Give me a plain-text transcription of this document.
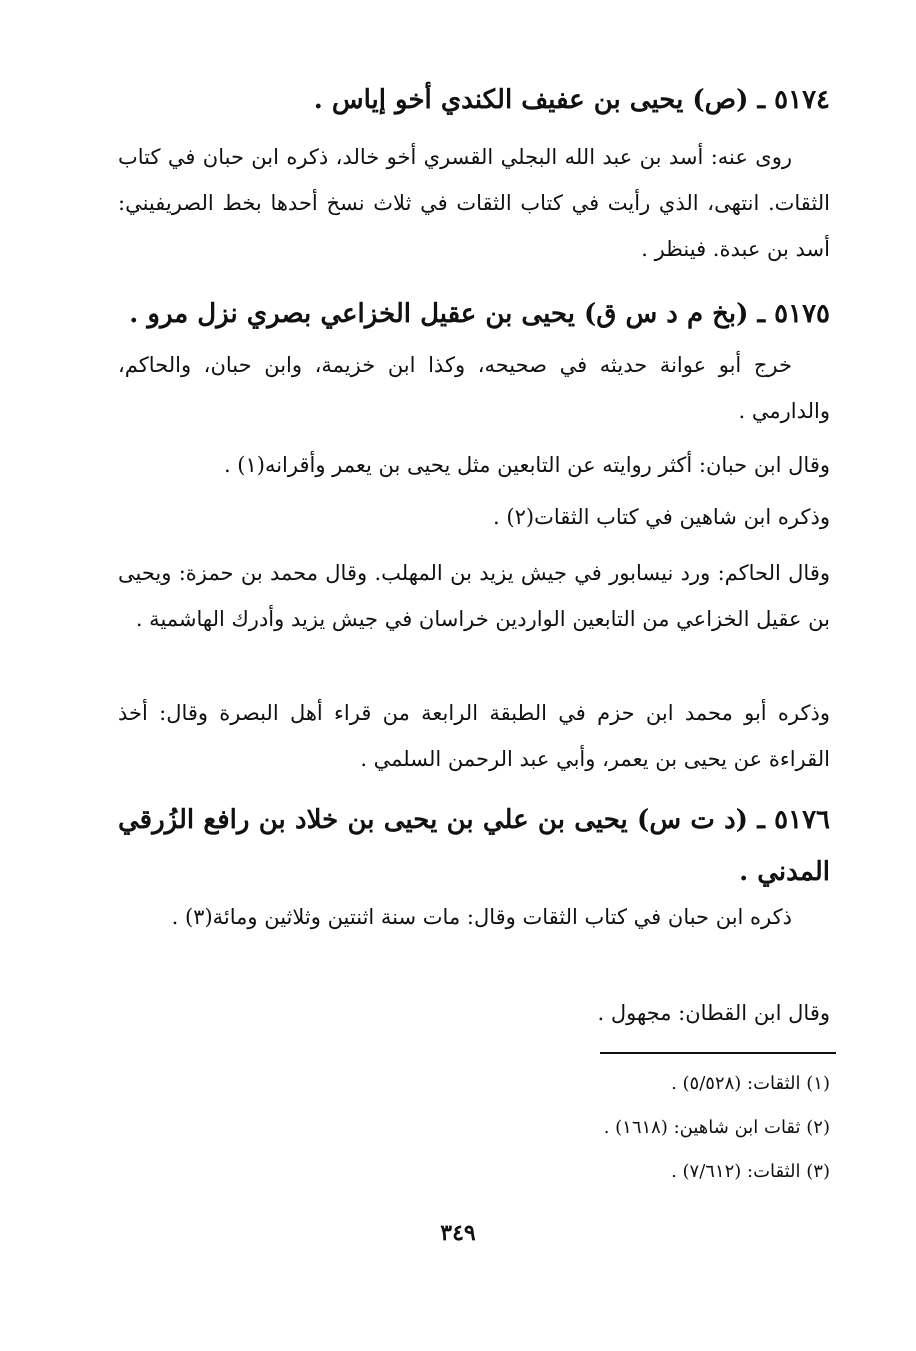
٥١٧٤ ـ (ص) يحيى بن عفيف الكندي أخو إياس .
روى عنه: أسد بن عبد الله البجلي القسري أخو خالد، ذكره ابن حبان في كتاب الثقات. انتهى، الذي رأيت في كتاب الثقات في ثلاث نسخ أحدها بخط الصريفيني: أسد بن عبدة. فينظر .
٥١٧٥ ـ (بخ م د س ق) يحيى بن عقيل الخزاعي بصري نزل مرو .
خرج أبو عوانة حديثه في صحيحه، وكذا ابن خزيمة، وابن حبان، والحاكم، والدارمي .
وقال ابن حبان: أكثر روايته عن التابعين مثل يحيى بن يعمر وأقرانه(١) .
وذكره ابن شاهين في كتاب الثقات(٢) .
وقال الحاكم: ورد نيسابور في جيش يزيد بن المهلب. وقال محمد بن حمزة: ويحيى بن عقيل الخزاعي من التابعين الواردين خراسان في جيش يزيد وأدرك الهاشمية .
وذكره أبو محمد ابن حزم في الطبقة الرابعة من قراء أهل البصرة وقال: أخذ القراءة عن يحيى بن يعمر، وأبي عبد الرحمن السلمي .
٥١٧٦ ـ (د ت س) يحيى بن علي بن يحيى بن خلاد بن رافع الزُرقي المدني .
ذكره ابن حبان في كتاب الثقات وقال: مات سنة اثنتين وثلاثين ومائة(٣) .
وقال ابن القطان: مجهول .
(١) الثقات: (٥/٥٢٨) .
(٢) ثقات ابن شاهين: (١٦١٨) .
(٣) الثقات: (٧/٦١٢) .
٣٤٩
